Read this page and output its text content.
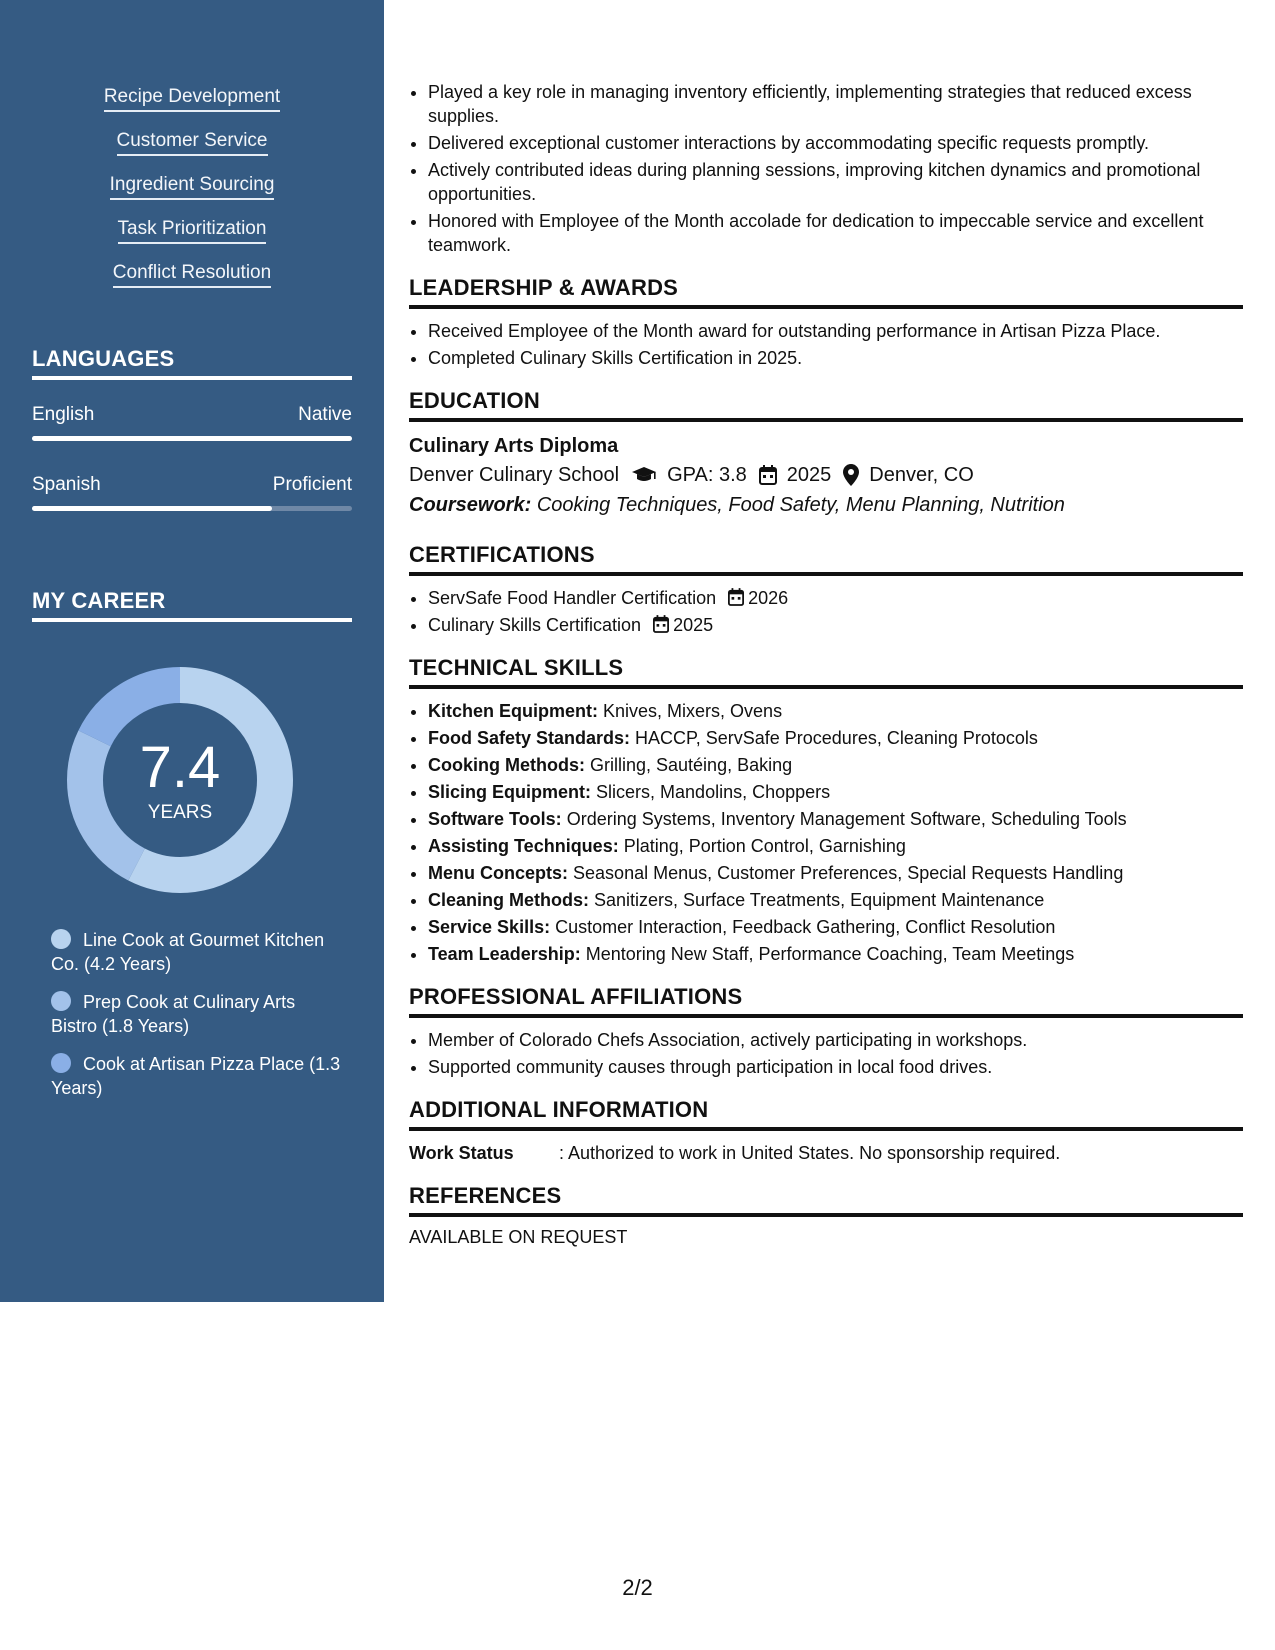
Recipe Development
Customer Service
Ingredient Sourcing
Task Prioritization
Conflict Resolution
LANGUAGES
English	Native
Spanish	Proficient
MY CAREER
7.4
YEARS
Line Cook at Gourmet Kitchen Co. (4.2 Years)
Prep Cook at Culinary Arts Bistro (1.8 Years)
Cook at Artisan Pizza Place (1.3 Years)
• Played a key role in managing inventory efficiently, implementing strategies that reduced excess supplies.
• Delivered exceptional customer interactions by accommodating specific requests promptly.
• Actively contributed ideas during planning sessions, improving kitchen dynamics and promotional opportunities.
• Honored with Employee of the Month accolade for dedication to impeccable service and excellent teamwork.
LEADERSHIP & AWARDS
• Received Employee of the Month award for outstanding performance in Artisan Pizza Place.
• Completed Culinary Skills Certification in 2025.
EDUCATION
Culinary Arts Diploma
Denver Culinary School GPA: 3.8 2025 Denver, CO
Coursework: Cooking Techniques, Food Safety, Menu Planning, Nutrition
CERTIFICATIONS
• ServSafe Food Handler Certification 2026
• Culinary Skills Certification 2025
TECHNICAL SKILLS
• Kitchen Equipment: Knives, Mixers, Ovens
• Food Safety Standards: HACCP, ServSafe Procedures, Cleaning Protocols
• Cooking Methods: Grilling, Sautéing, Baking
• Slicing Equipment: Slicers, Mandolins, Choppers
• Software Tools: Ordering Systems, Inventory Management Software, Scheduling Tools
• Assisting Techniques: Plating, Portion Control, Garnishing
• Menu Concepts: Seasonal Menus, Customer Preferences, Special Requests Handling
• Cleaning Methods: Sanitizers, Surface Treatments, Equipment Maintenance
• Service Skills: Customer Interaction, Feedback Gathering, Conflict Resolution
• Team Leadership: Mentoring New Staff, Performance Coaching, Team Meetings
PROFESSIONAL AFFILIATIONS
• Member of Colorado Chefs Association, actively participating in workshops.
• Supported community causes through participation in local food drives.
ADDITIONAL INFORMATION
Work Status	: Authorized to work in United States. No sponsorship required.
REFERENCES
AVAILABLE ON REQUEST
2/2
